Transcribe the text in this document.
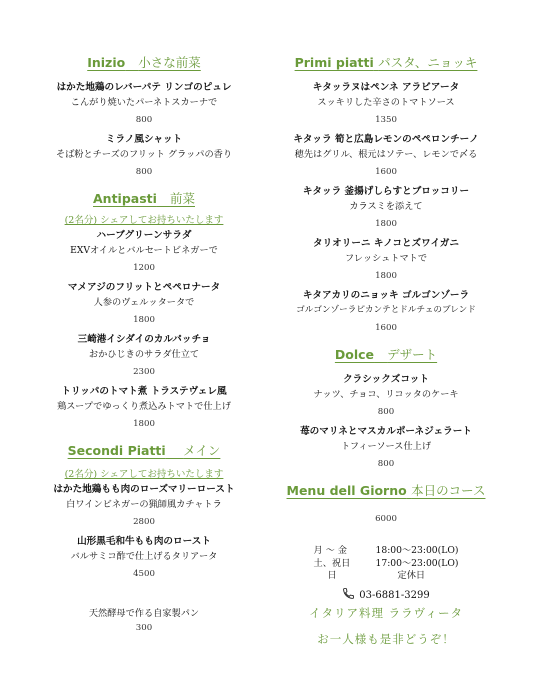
Inizio 小さな前菜
はかた地鶏のレバーパテ リンゴのピュレ
こんがり焼いたパーネトスカーナで
800
ミラノ風シャット
そば粉とチーズのフリット グラッパの香り
800
Antipasti 前菜
(2名分) シェアしてお持ちいたします
ハーブグリーンサラダ
EXVオイルとバルセートビネガーで
1200
マメアジのフリットとペペロナータ
人参のヴェルッタータで
1800
三崎港イシダイのカルパッチョ
おかひじきのサラダ仕立て
2300
トリッパのトマト煮 トラステヴェレ風
鶏スープでゆっくり煮込みトマトで仕上げ
1800
Secondi Piatti メイン
(2名分) シェアしてお持ちいたします
はかた地鶏もも肉のローズマリーロースト
白ワインビネガーの猟師風カチャトラ
2800
山形黒毛和牛もも肉のロースト
バルサミコ酢で仕上げるタリアータ
4500
天然酵母で作る自家製パン
300
Primi piatti パスタ、ニョッキ
キタッラヌはペンネ アラビアータ
スッキリした辛さのトマトソース
1350
キタッラ 筍と広島レモンのペペロンチーノ
穂先はグリル、根元はソテー、レモンで〆る
1600
キタッラ 釜揚げしらすとブロッコリー
カラスミを添えて
1800
タリオリーニ キノコとズワイガニ
フレッシュトマトで
1800
キタアカリのニョッキ ゴルゴンゾーラ
ゴルゴンゾーラピカンテとドルチェのブレンド
1600
Dolce デザート
クラシックズコット
ナッツ、チョコ、リコッタのケーキ
800
苺のマリネとマスカルポーネジェラート
トフィーソース仕上げ
800
Menu dell Giorno 本日のコース
6000
月 ～ 金	18:00～23:00(LO)
土、祝日	17:00～23:00(LO)
日	定休日
03-6881-3299
イタリア料理 ララヴィータ
お一人様も是非どうぞ！
